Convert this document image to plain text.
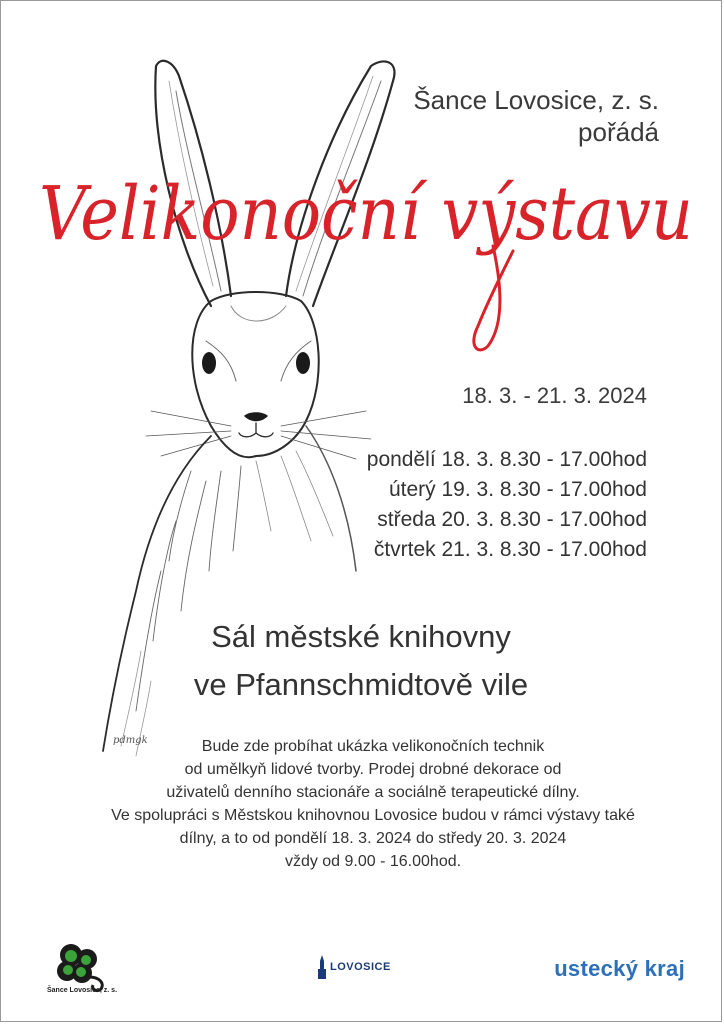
pdmgk
Šance Lovosice, z. s.
pořádá
Velikonoční výstavu
18. 3. - 21. 3. 2024
pondělí 18. 3. 8.30 - 17.00hod
úterý 19. 3. 8.30 - 17.00hod
středa 20. 3. 8.30 - 17.00hod
čtvrtek 21. 3. 8.30 - 17.00hod
Sál městské knihovny
ve Pfannschmidtově vile
Bude zde probíhat ukázka velikonočních technik
od umělkyň lidové tvorby. Prodej drobné dekorace od
uživatelů denního stacionáře a sociálně terapeutické dílny.
Ve spolupráci s Městskou knihovnou Lovosice budou v rámci výstavy také
dílny, a to od pondělí 18. 3. 2024 do středy 20. 3. 2024
vždy od 9.00 - 16.00hod.
Šance Lovosice, z. s.
LOVOSICE	ustecký kraj
